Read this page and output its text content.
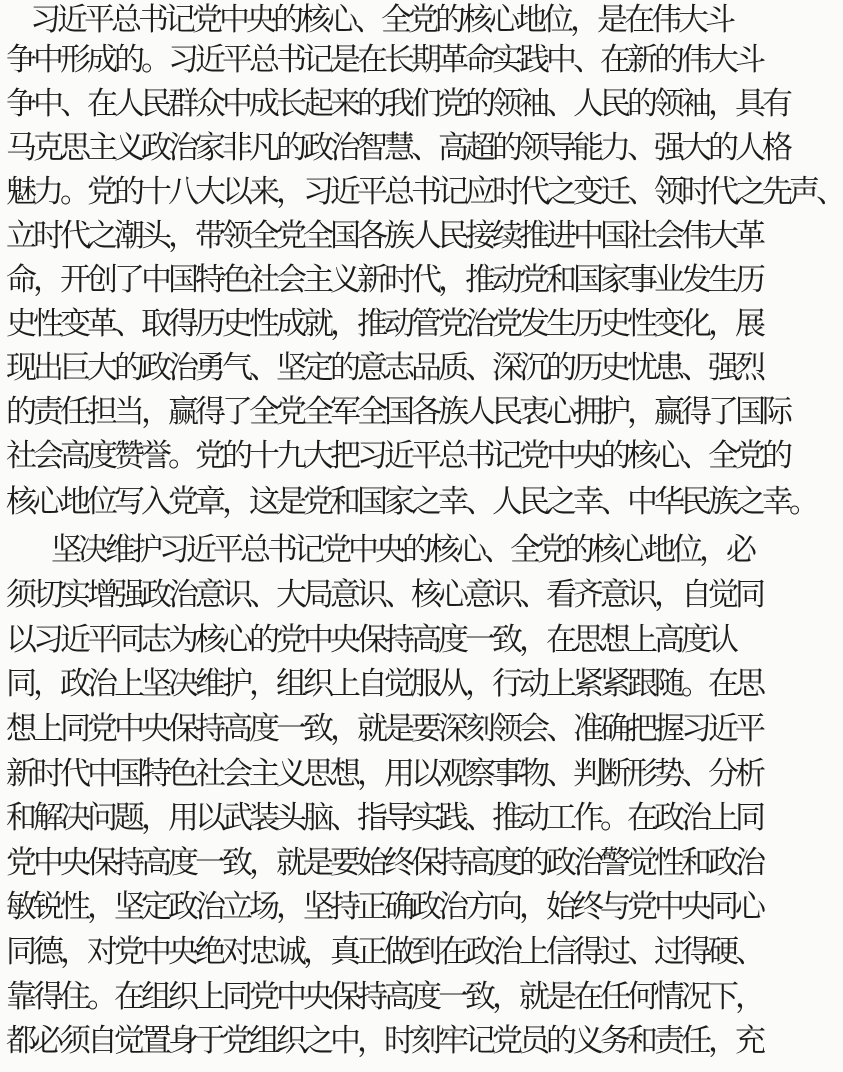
习近平总书记党中央的核心、全党的核心地位，是在伟大斗
争中形成的。习近平总书记是在长期革命实践中、在新的伟大斗
争中、在人民群众中成长起来的我们党的领袖、人民的领袖，具有
马克思主义政治家非凡的政治智慧、高超的领导能力、强大的人格
魅力。党的十八大以来，习近平总书记应时代之变迁、领时代之先声、
立时代之潮头，带领全党全国各族人民接续推进中国社会伟大革
命，开创了中国特色社会主义新时代，推动党和国家事业发生历
史性变革、取得历史性成就，推动管党治党发生历史性变化，展
现出巨大的政治勇气、坚定的意志品质、深沉的历史忧患、强烈
的责任担当，赢得了全党全军全国各族人民衷心拥护，赢得了国际
社会高度赞誉。党的十九大把习近平总书记党中央的核心、全党的
核心地位写入党章，这是党和国家之幸、人民之幸、中华民族之幸。
坚决维护习近平总书记党中央的核心、全党的核心地位，必
须切实增强政治意识、大局意识、核心意识、看齐意识，自觉同
以习近平同志为核心的党中央保持高度一致，在思想上高度认
同，政治上坚决维护，组织上自觉服从，行动上紧紧跟随。在思
想上同党中央保持高度一致，就是要深刻领会、准确把握习近平
新时代中国特色社会主义思想，用以观察事物、判断形势、分析
和解决问题，用以武装头脑、指导实践、推动工作。在政治上同
党中央保持高度一致，就是要始终保持高度的政治警觉性和政治
敏锐性，坚定政治立场，坚持正确政治方向，始终与党中央同心
同德，对党中央绝对忠诚，真正做到在政治上信得过、过得硬、
靠得住。在组织上同党中央保持高度一致，就是在任何情况下，
都必须自觉置身于党组织之中，时刻牢记党员的义务和责任，充
